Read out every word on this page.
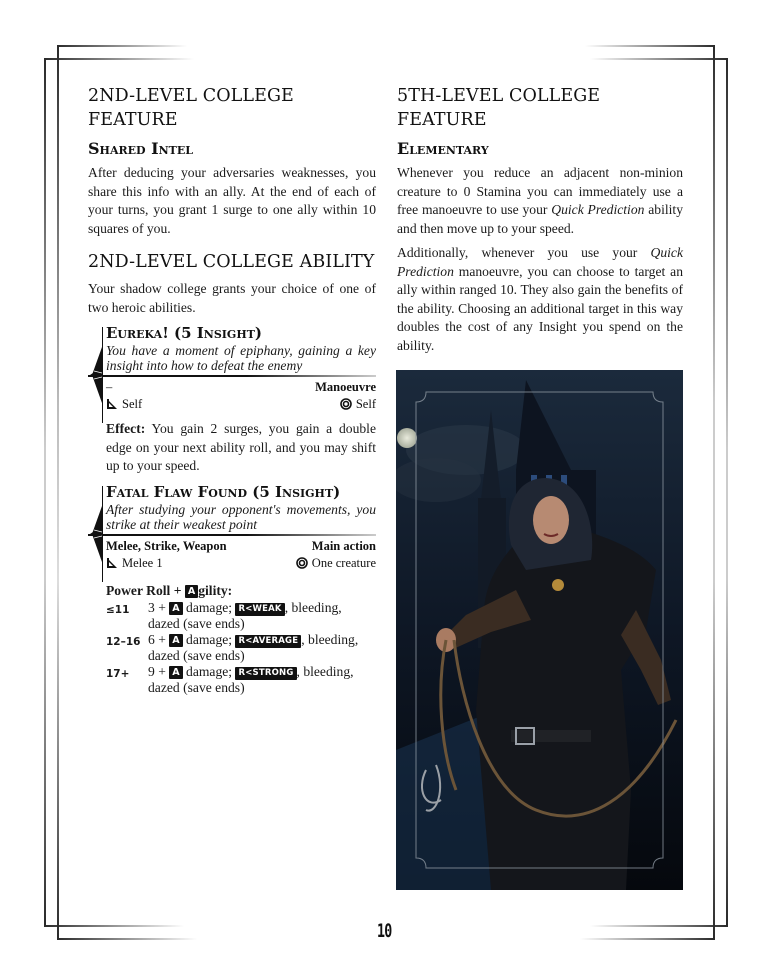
2ND-LEVEL COLLEGE FEATURE
Shared Intel

After deducing your adversaries weaknesses, you share this info with an ally. At the end of each of your turns, you grant 1 surge to one ally within 10 squares of you.

2ND-LEVEL COLLEGE ABILITY

Your shadow college grants your choice of one of two heroic abilities.

Eureka! (5 Insight)
You have a moment of epiphany, gaining a key insight into how to defeat the enemy
–	Manoeuvre
Self	Self

Effect: You gain 2 surges, you gain a double edge on your next ability roll, and you may shift up to your speed.

Fatal Flaw Found (5 Insight)
After studying your opponent's movements, you strike at their weakest point
Melee, Strike, Weapon	Main action
Melee 1	One creature
Power Roll + A gility:
≤11	3 + A damage; R<WEAK , bleeding, dazed (save ends)
12–16 6 + A damage; R<AVERAGE , bleeding, dazed (save ends)
17+	9 + A damage; R<STRONG , bleeding, dazed (save ends)
5TH-LEVEL COLLEGE FEATURE
Elementary

Whenever you reduce an adjacent non-minion creature to 0 Stamina you can immediately use a free manoeuvre to use your Quick Prediction ability and then move up to your speed.

Additionally, whenever you use your Quick Prediction manoeuvre, you can choose to target an ally within ranged 10. They also gain the benefits of the ability. Choosing an additional target in this way doubles the cost of any Insight you spend on the ability.

10
